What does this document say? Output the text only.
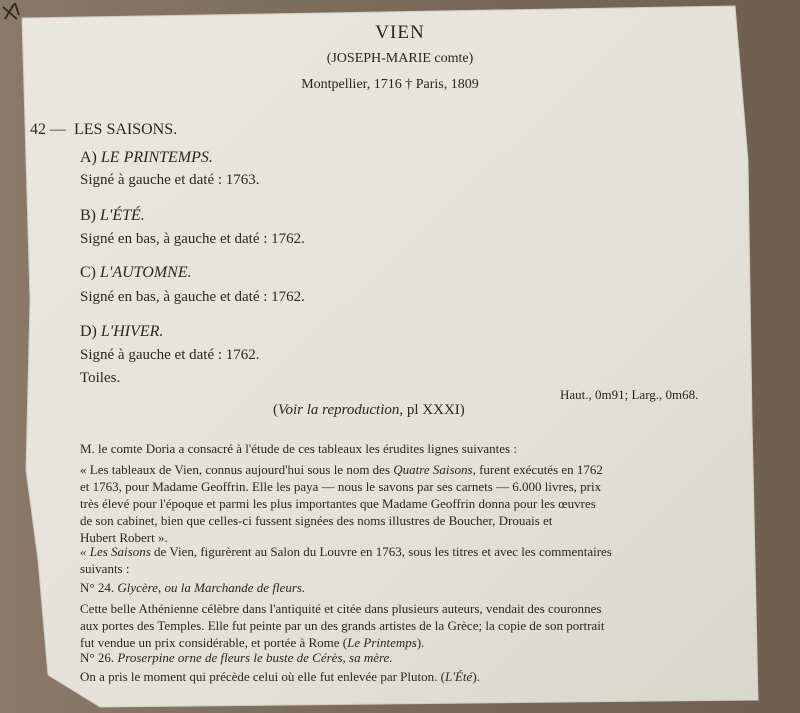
VIEN
(JOSEPH-MARIE comte)
Montpellier, 1716 † Paris, 1809
42 — LES SAISONS.
A) LE PRINTEMPS.
Signé à gauche et daté : 1763.
B) L'ÉTÉ.
Signé en bas, à gauche et daté : 1762.
C) L'AUTOMNE.
Signé en bas, à gauche et daté : 1762.
D) L'HIVER.
Signé à gauche et daté : 1762.
Toiles.
Haut., 0m91; Larg., 0m68.
(Voir la reproduction, pl XXXI)
M. le comte Doria a consacré à l'étude de ces tableaux les érudites lignes suivantes :
« Les tableaux de Vien, connus aujourd'hui sous le nom des Quatre Saisons, furent exécutés en 1762
et 1763, pour Madame Geoffrin. Elle les paya — nous le savons par ses carnets — 6.000 livres, prix
très élevé pour l'époque et parmi les plus importantes que Madame Geoffrin donna pour les œuvres
de son cabinet, bien que celles-ci fussent signées des noms illustres de Boucher, Drouais et
Hubert Robert ».
« Les Saisons de Vien, figurèrent au Salon du Louvre en 1763, sous les titres et avec les commentaires
suivants :
N° 24. Glycère, ou la Marchande de fleurs.
Cette belle Athénienne célèbre dans l'antiquité et citée dans plusieurs auteurs, vendait des couronnes
aux portes des Temples. Elle fut peinte par un des grands artistes de la Grèce; la copie de son portrait
fut vendue un prix considérable, et portée à Rome (Le Printemps).
N° 26. Proserpine orne de fleurs le buste de Cérès, sa mère.
On a pris le moment qui précède celui où elle fut enlevée par Pluton. (L'Été).
